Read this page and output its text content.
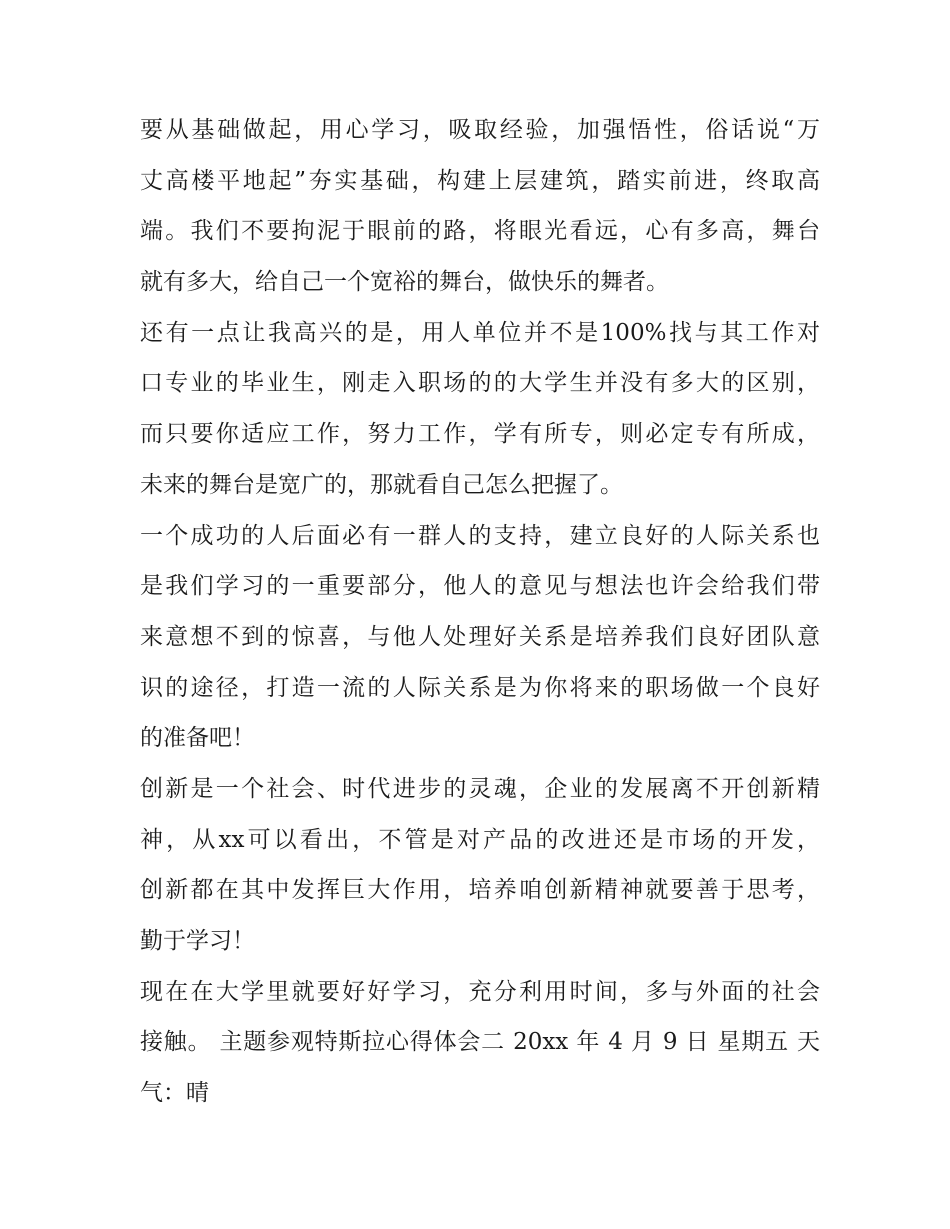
要从基础做起，用心学习，吸取经验，加强悟性，俗话说“万
丈高楼平地起”夯实基础，构建上层建筑，踏实前进，终取高
端。我们不要拘泥于眼前的路，将眼光看远，心有多高，舞台
就有多大，给自己一个宽裕的舞台，做快乐的舞者。
还有一点让我高兴的是，用人单位并不是100%找与其工作对
口专业的毕业生，刚走入职场的的大学生并没有多大的区别，
而只要你适应工作，努力工作，学有所专，则必定专有所成，
未来的舞台是宽广的，那就看自己怎么把握了。
一个成功的人后面必有一群人的支持，建立良好的人际关系也
是我们学习的一重要部分，他人的意见与想法也许会给我们带
来意想不到的惊喜，与他人处理好关系是培养我们良好团队意
识的途径，打造一流的人际关系是为你将来的职场做一个良好
的准备吧！
创新是一个社会、时代进步的灵魂，企业的发展离不开创新精
神，从xx可以看出，不管是对产品的改进还是市场的开发，
创新都在其中发挥巨大作用，培养咱创新精神就要善于思考，
勤于学习！
现在在大学里就要好好学习，充分利用时间，多与外面的社会
接触。 主题参观特斯拉心得体会二 20xx 年 4 月 9 日 星期五 天
气：晴
